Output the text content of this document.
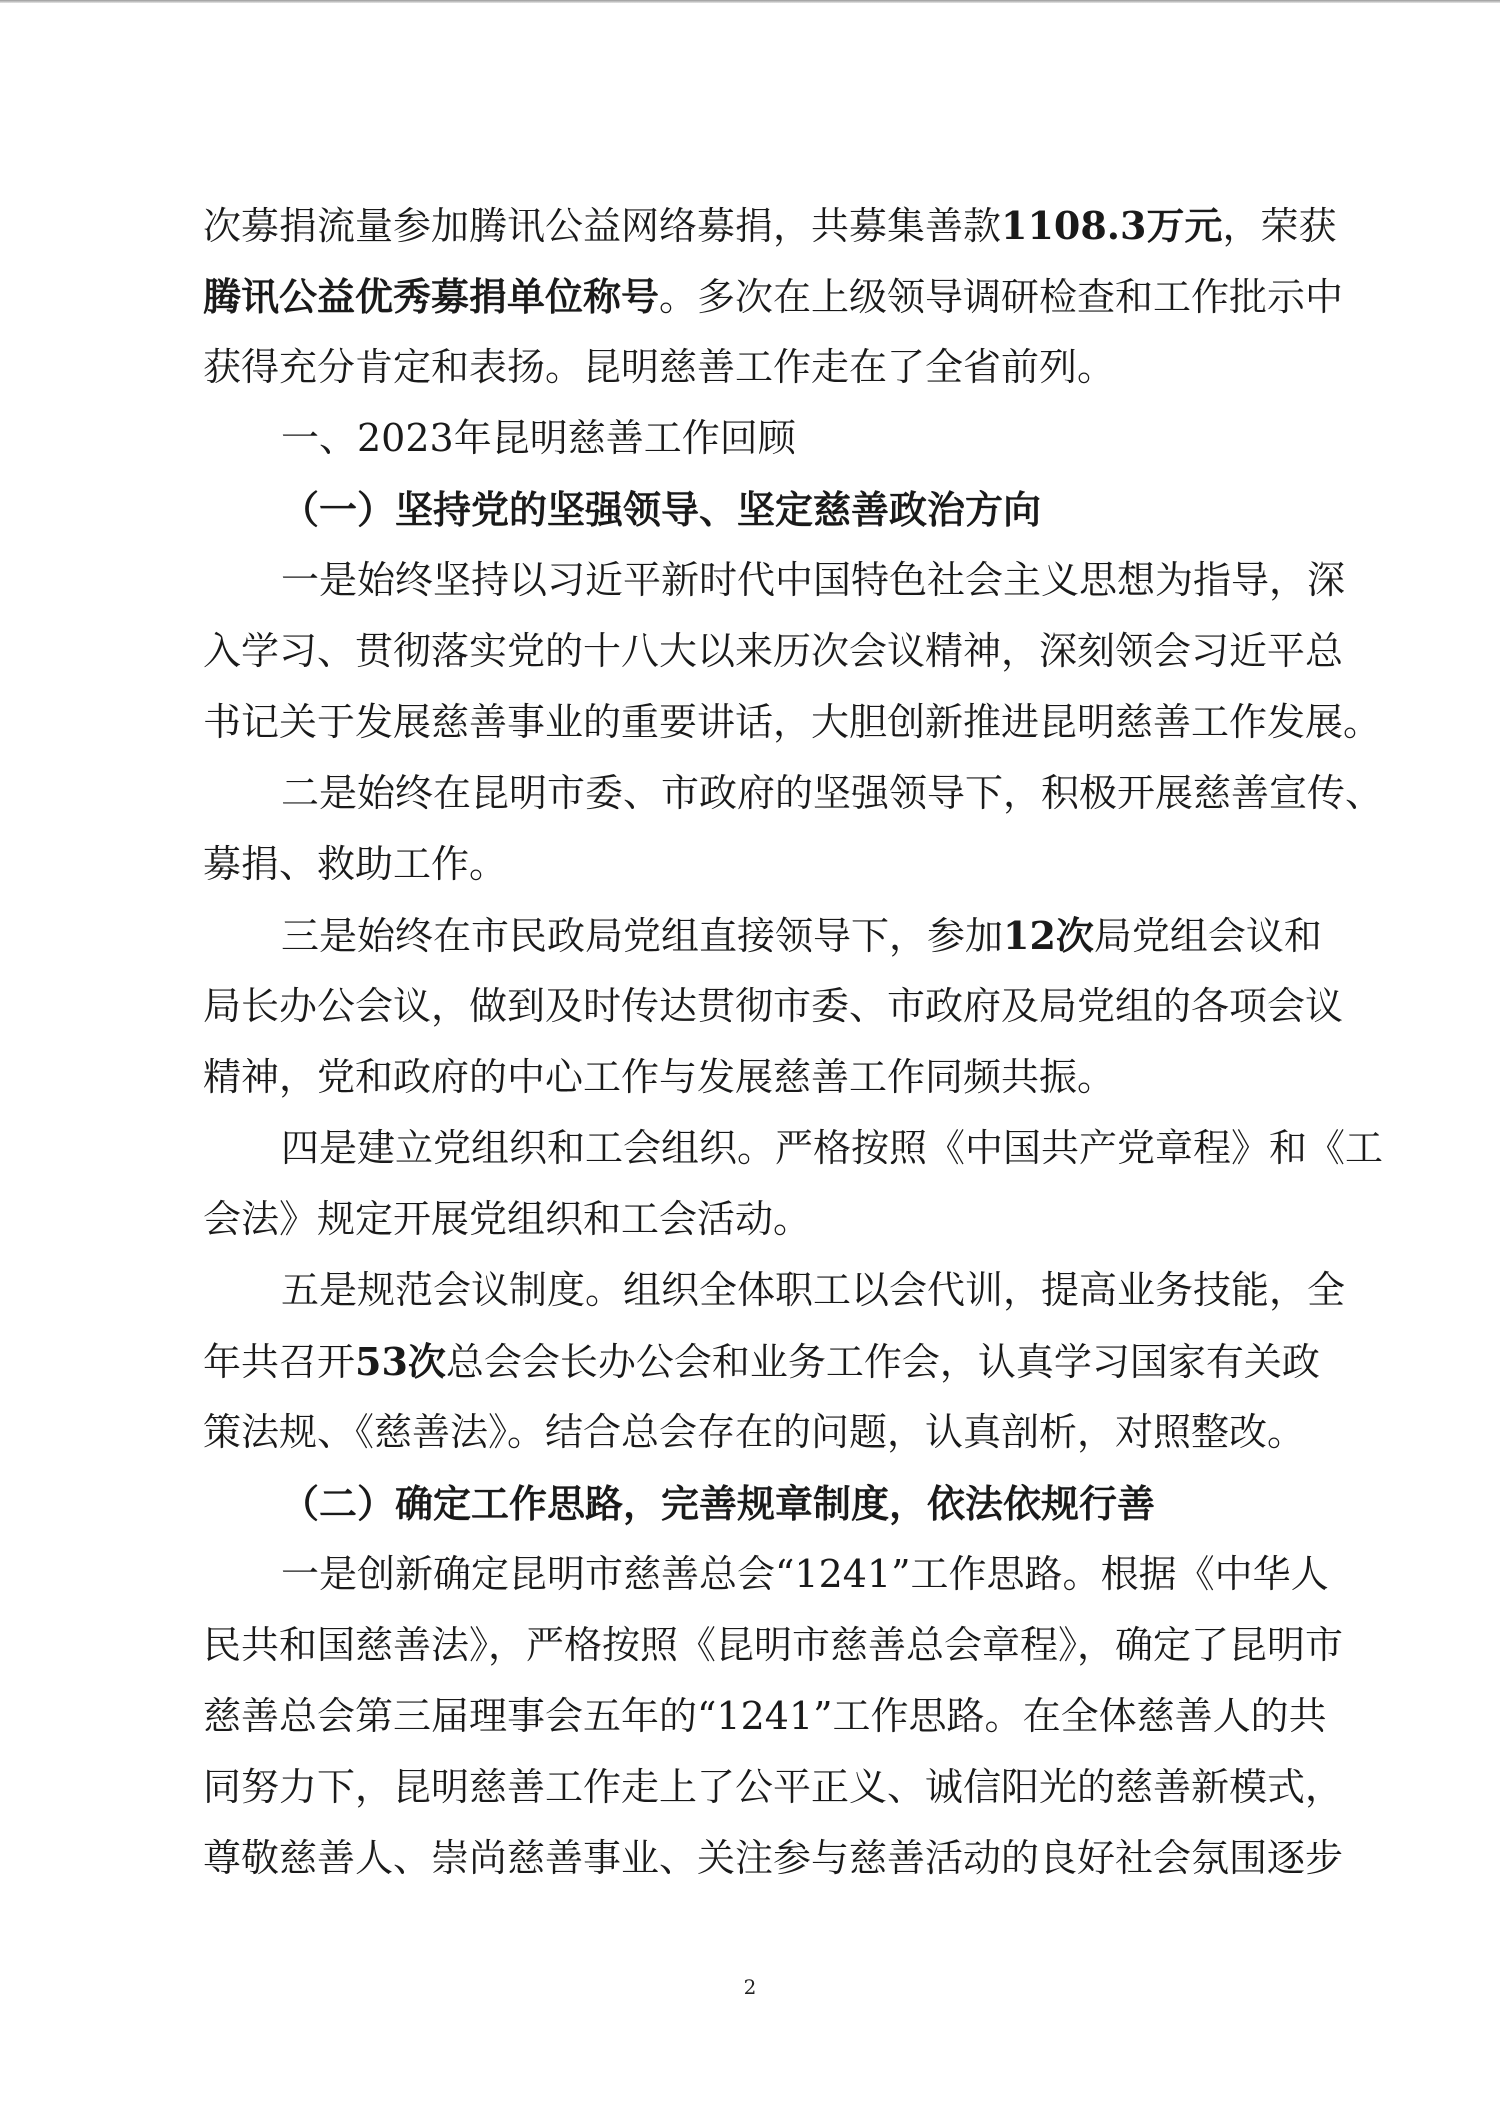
次募捐流量参加腾讯公益网络募捐，共募集善款1108.3万元，荣获
腾讯公益优秀募捐单位称号。多次在上级领导调研检查和工作批示中
获得充分肯定和表扬。昆明慈善工作走在了全省前列。
一、2023年昆明慈善工作回顾
（一）坚持党的坚强领导、坚定慈善政治方向
一是始终坚持以习近平新时代中国特色社会主义思想为指导，深
入学习、贯彻落实党的十八大以来历次会议精神，深刻领会习近平总
书记关于发展慈善事业的重要讲话，大胆创新推进昆明慈善工作发展。
二是始终在昆明市委、市政府的坚强领导下，积极开展慈善宣传、
募捐、救助工作。
三是始终在市民政局党组直接领导下，参加12次局党组会议和
局长办公会议，做到及时传达贯彻市委、市政府及局党组的各项会议
精神，党和政府的中心工作与发展慈善工作同频共振。
四是建立党组织和工会组织。严格按照《中国共产党章程》和《工
会法》规定开展党组织和工会活动。
五是规范会议制度。组织全体职工以会代训，提高业务技能，全
年共召开53次总会会长办公会和业务工作会，认真学习国家有关政
策法规、《慈善法》。结合总会存在的问题，认真剖析，对照整改。
（二）确定工作思路，完善规章制度，依法依规行善
一是创新确定昆明市慈善总会“1241”工作思路。根据《中华人
民共和国慈善法》，严格按照《昆明市慈善总会章程》，确定了昆明市
慈善总会第三届理事会五年的“1241”工作思路。在全体慈善人的共
同努力下，昆明慈善工作走上了公平正义、诚信阳光的慈善新模式，
尊敬慈善人、崇尚慈善事业、关注参与慈善活动的良好社会氛围逐步
2
